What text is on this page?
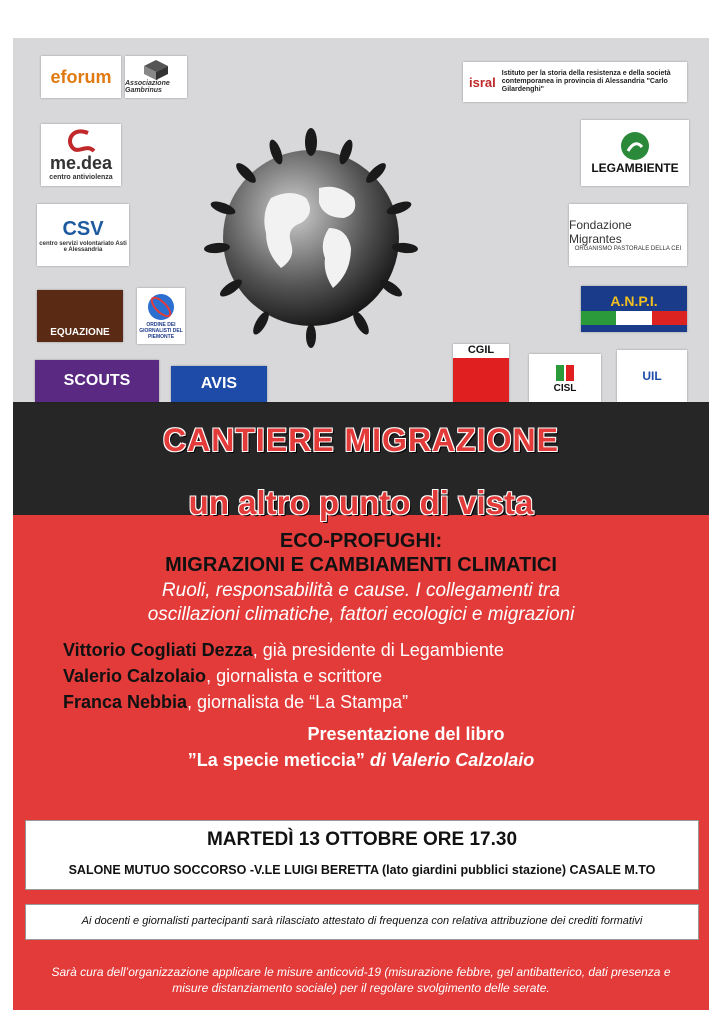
eforum Associazione Gambrinus
isral
Istituto per la storia della resistenza e della società contemporanea in provincia di Alessandria "Carlo Gilardenghi"
me.dea
centro antiviolenza
LEGAMBIENTE
CSV
centro servizi volontariato Asti e Alessandria
Fondazione Migrantes
ORGANISMO PASTORALE DELLA CEI
EQUAZIONE
ORDINE DEI GIORNALISTI DEL PIEMONTE
A.N.P.I.
SCOUTS	AVIS
CGIL
CISL
UIL
CANTIERE MIGRAZIONE
un altro punto di vista
ECO-PROFUGHI:
MIGRAZIONI E CAMBIAMENTI CLIMATICI
Ruoli, responsabilità e cause. I collegamenti tra
oscillazioni climatiche, fattori ecologici e migrazioni
Vittorio Cogliati Dezza, già presidente di Legambiente
Valerio Calzolaio, giornalista e scrittore
Franca Nebbia, giornalista de “La Stampa”
Presentazione del libro
”La specie meticcia” di Valerio Calzolaio
MARTEDÌ 13 OTTOBRE ORE 17.30
SALONE MUTUO SOCCORSO -V.LE LUIGI BERETTA (lato giardini pubblici stazione) CASALE M.TO
Ai docenti e giornalisti partecipanti sarà rilasciato attestato di frequenza con relativa attribuzione dei crediti formativi
Sarà cura dell’organizzazione applicare le misure anticovid-19 (misurazione febbre, gel antibatterico, dati presenza e misure distanziamento sociale) per il regolare svolgimento delle serate.
